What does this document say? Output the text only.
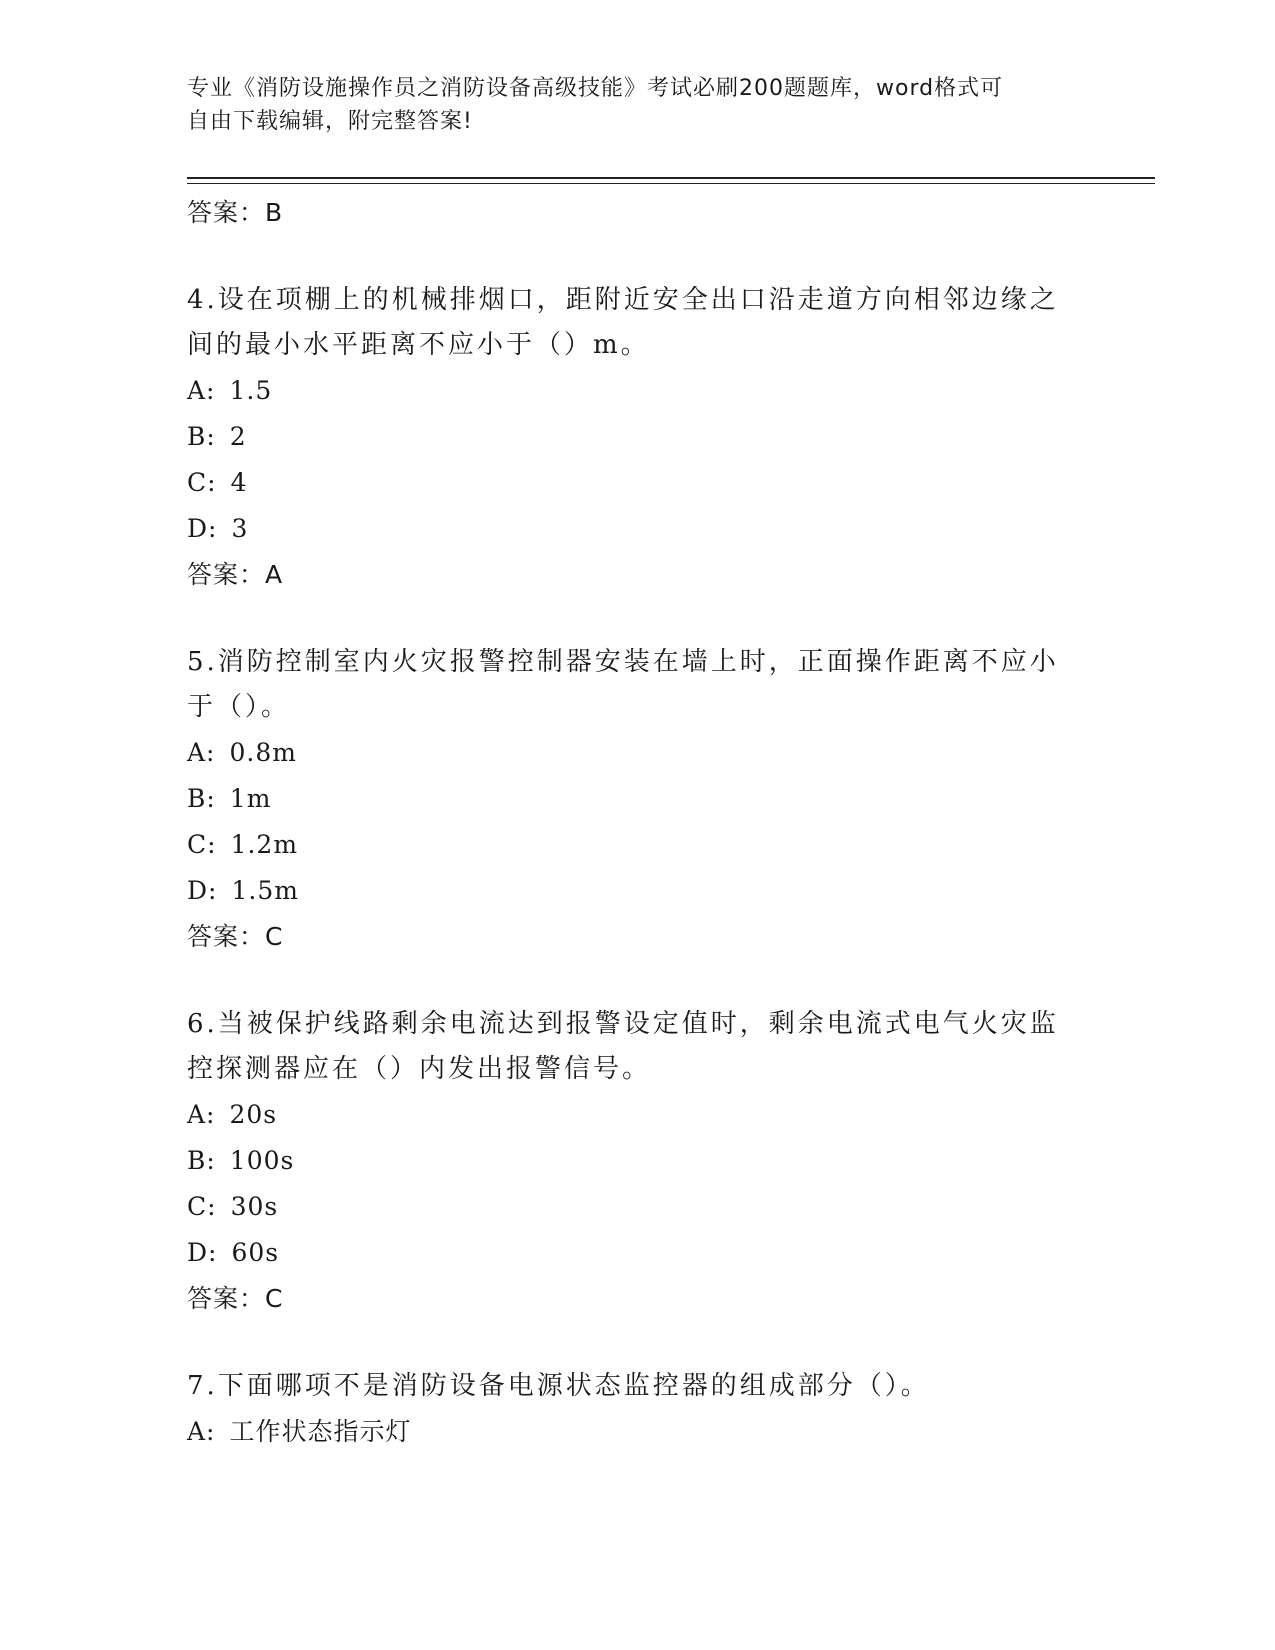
专业《消防设施操作员之消防设备高级技能》考试必刷200题题库，word格式可
自由下载编辑，附完整答案!
答案：B
4.设在项棚上的机械排烟口，距附近安全出口沿走道方向相邻边缘之间的最小水平距离不应小于（）m。
A: 1.5
B: 2
C: 4
D: 3
答案：A
5.消防控制室内火灾报警控制器安装在墙上时，正面操作距离不应小于（）。
A: 0.8m
B: 1m
C: 1.2m
D: 1.5m
答案：C
6.当被保护线路剩余电流达到报警设定值时，剩余电流式电气火灾监控探测器应在（）内发出报警信号。
A: 20s
B: 100s
C: 30s
D: 60s
答案：C
7.下面哪项不是消防设备电源状态监控器的组成部分（）。
A: 工作状态指示灯
